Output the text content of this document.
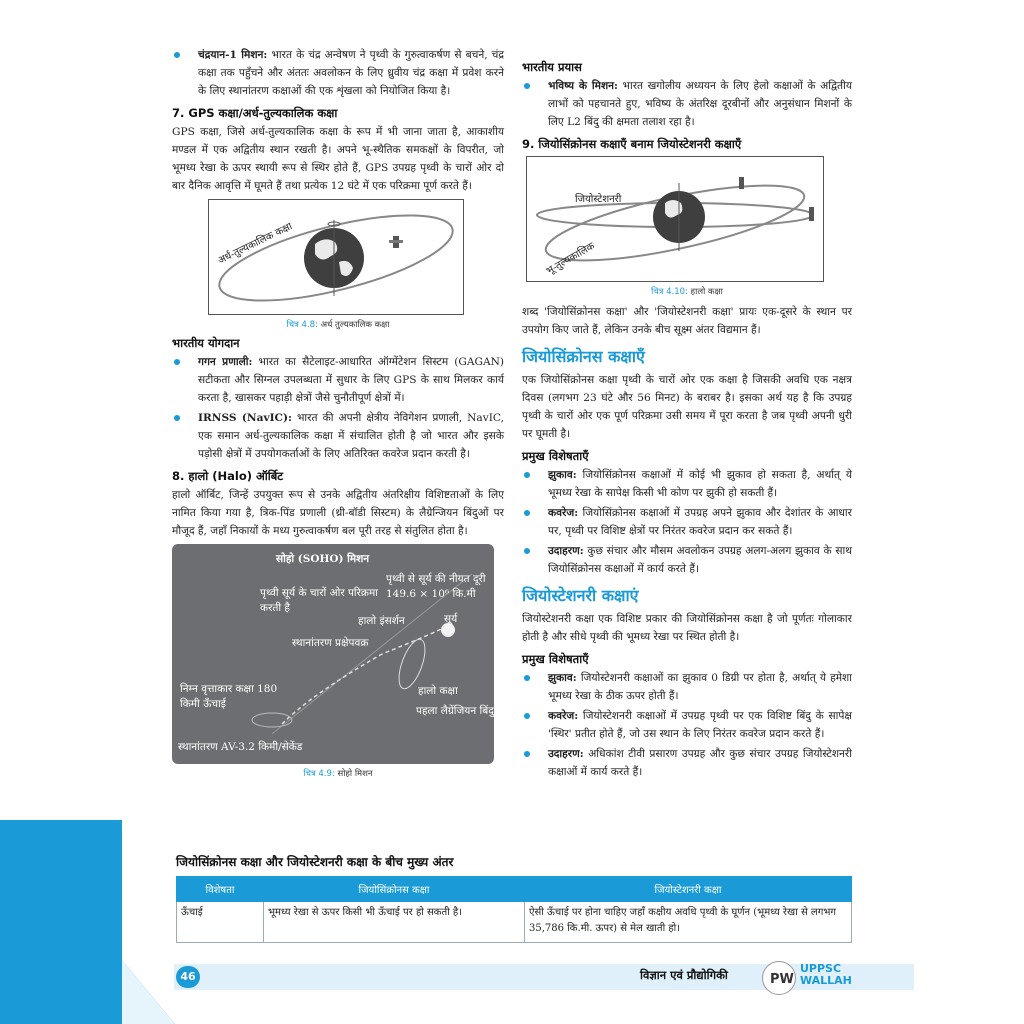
चंद्रयान-1 मिशन: भारत के चंद्र अन्वेषण ने पृथ्वी के गुरुत्वाकर्षण से बचने, चंद्र कक्षा तक पहुँचने और अंततः अवलोकन के लिए ध्रुवीय चंद्र कक्षा में प्रवेश करने के लिए स्थानांतरण कक्षाओं की एक शृंखला को नियोजित किया है।
7. GPS कक्षा/अर्ध-तुल्यकालिक कक्षा

GPS कक्षा, जिसे अर्ध-तुल्यकालिक कक्षा के रूप में भी जाना जाता है, आकाशीय मण्डल में एक अद्वितीय स्थान रखती है। अपने भू-स्थैतिक समकक्षों के विपरीत, जो भूमध्य रेखा के ऊपर स्थायी रूप से स्थिर होते हैं, GPS उपग्रह पृथ्वी के चारों ओर दो बार दैनिक आवृत्ति में घूमते हैं तथा प्रत्येक 12 घंटे में एक परिक्रमा पूर्ण करते हैं।

अर्ध-तुल्यकालिक कक्षा
चित्र 4.8: अर्ध तुल्यकालिक कक्षा
भारतीय योगदान
गगन प्रणाली: भारत का सैटेलाइट-आधारित ऑग्मेंटेशन सिस्टम (GAGAN) सटीकता और सिग्नल उपलब्धता में सुधार के लिए GPS के साथ मिलकर कार्य करता है, खासकर पहाड़ी क्षेत्रों जैसे चुनौतीपूर्ण क्षेत्रों में।
IRNSS (NavIC): भारत की अपनी क्षेत्रीय नेविगेशन प्रणाली, NavIC, एक समान अर्ध-तुल्यकालिक कक्षा में संचालित होती है जो भारत और इसके पड़ोसी क्षेत्रों में उपयोगकर्ताओं के लिए अतिरिक्त कवरेज प्रदान करती है।
8. हालो (Halo) ऑर्बिट

हालो ऑर्बिट, जिन्हें उपयुक्त रूप से उनके अद्वितीय अंतरिक्षीय विशिष्टताओं के लिए नामित किया गया है, त्रिक-पिंड प्रणाली (थ्री-बॉडी सिस्टम) के लैग्रेन्जियन बिंदुओं पर मौजूद हैं, जहाँ निकायों के मध्य गुरुत्वाकर्षण बल पूरी तरह से संतुलित होता है।

सोहो (SOHO) मिशन
पृथ्वी सूर्य के चारों ओर परिक्रमा करती है
पृथ्वी से सूर्य की नीयत दूरी 149.6 × 10⁶ कि.मी
हालो इंसर्शन	सूर्य
स्थानांतरण प्रक्षेपवक्र
हालो कक्षा
पहला लैग्रेंजियन बिंदु
निम्न वृत्ताकार कक्षा 180 किमी ऊँचाई
स्थानांतरण AV-3.2 किमी/सेकेंड
चित्र 4.9: सोहो मिशन
भारतीय प्रयास
भविष्य के मिशन: भारत खगोलीय अध्ययन के लिए हेलो कक्षाओं के अद्वितीय लाभों को पहचानते हुए, भविष्य के अंतरिक्ष दूरबीनों और अनुसंधान मिशनों के लिए L2 बिंदु की क्षमता तलाश रहा है।
9. जियोसिंक्रोनस कक्षाएँ बनाम जियोस्टेशनरी कक्षाएँ
जियोस्टेशनरी
भू-तुल्यकालिक
चित्र 4.10: हालो कक्षा

शब्द 'जियोसिंक्रोनस कक्षा' और 'जियोस्टेशनरी कक्षा' प्रायः एक-दूसरे के स्थान पर उपयोग किए जाते हैं, लेकिन उनके बीच सूक्ष्म अंतर विद्यमान हैं।

जियोसिंक्रोनस कक्षाएँ

एक जियोसिंक्रोनस कक्षा पृथ्वी के चारों ओर एक कक्षा है जिसकी अवधि एक नक्षत्र दिवस (लगभग 23 घंटे और 56 मिनट) के बराबर है। इसका अर्थ यह है कि उपग्रह पृथ्वी के चारों ओर एक पूर्ण परिक्रमा उसी समय में पूरा करता है जब पृथ्वी अपनी धुरी पर घूमती है।

प्रमुख विशेषताएँ
झुकाव: जियोसिंक्रोनस कक्षाओं में कोई भी झुकाव हो सकता है, अर्थात् ये भूमध्य रेखा के सापेक्ष किसी भी कोण पर झुकी हो सकती हैं।
कवरेज: जियोसिंक्रोनस कक्षाओं में उपग्रह अपने झुकाव और देशांतर के आधार पर, पृथ्वी पर विशिष्ट क्षेत्रों पर निरंतर कवरेज प्रदान कर सकते हैं।
उदाहरण: कुछ संचार और मौसम अवलोकन उपग्रह अलग-अलग झुकाव के साथ जियोसिंक्रोनस कक्षाओं में कार्य करते हैं।
जियोस्टेशनरी कक्षाएं

जियोस्टेशनरी कक्षा एक विशिष्ट प्रकार की जियोसिंक्रोनस कक्षा है जो पूर्णतः गोलाकार होती है और सीधे पृथ्वी की भूमध्य रेखा पर स्थित होती है।

प्रमुख विशेषताएँ
झुकाव: जियोस्टेशनरी कक्षाओं का झुकाव 0 डिग्री पर होता है, अर्थात् ये हमेशा भूमध्य रेखा के ठीक ऊपर होती हैं।
कवरेज: जियोस्टेशनरी कक्षाओं में उपग्रह पृथ्वी पर एक विशिष्ट बिंदु के सापेक्ष 'स्थिर' प्रतीत होते हैं, जो उस स्थान के लिए निरंतर कवरेज प्रदान करते हैं।
उदाहरण: अधिकांश टीवी प्रसारण उपग्रह और कुछ संचार उपग्रह जियोस्टेशनरी कक्षाओं में कार्य करते हैं।
जियोसिंक्रोनस कक्षा और जियोस्टेशनरी कक्षा के बीच मुख्य अंतर
विशेषता	जियोसिंक्रोनस कक्षा	जियोस्टेशनरी कक्षा
ऊँचाई	भूमध्य रेखा से ऊपर किसी भी ऊँचाई पर हो सकती है।	ऐसी ऊँचाई पर होना चाहिए जहाँ कक्षीय अवधि पृथ्वी के घूर्णन (भूमध्य रेखा से लगभग 35,786 कि.मी. ऊपर) से मेल खाती हो।
46	विज्ञान एवं प्रौद्योगिकी	PW
UPPSC
WALLAH
